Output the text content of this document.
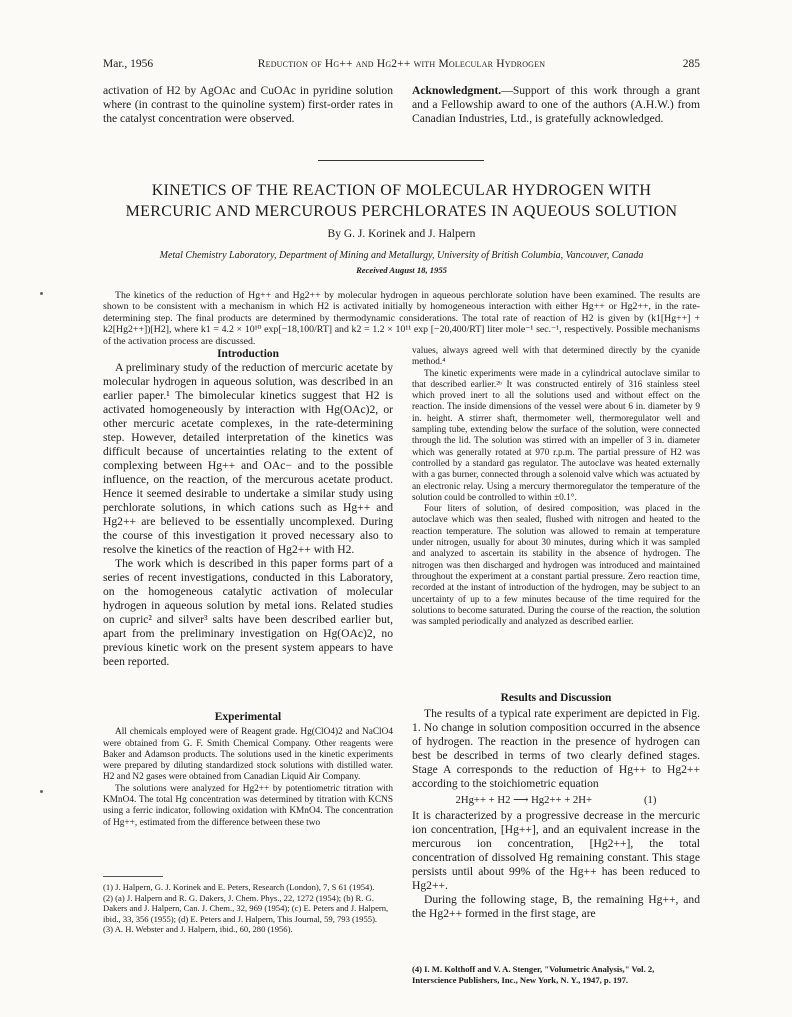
Mar., 1956	Reduction of Hg++ and Hg2++ with Molecular Hydrogen	285

activation of H2 by AgOAc and CuOAc in pyridine solution where (in contrast to the quinoline system) first-order rates in the catalyst concentration were observed.

Acknowledgment.—Support of this work through a grant and a Fellowship award to one of the authors (A.H.W.) from Canadian Industries, Ltd., is gratefully acknowledged.

KINETICS OF THE REACTION OF MOLECULAR HYDROGEN WITH
MERCURIC AND MERCUROUS PERCHLORATES IN AQUEOUS SOLUTION
By G. J. Korinek and J. Halpern
Metal Chemistry Laboratory, Department of Mining and Metallurgy, University of British Columbia, Vancouver, Canada
Received August 18, 1955

The kinetics of the reduction of Hg++ and Hg2++ by molecular hydrogen in aqueous perchlorate solution have been examined. The results are shown to be consistent with a mechanism in which H2 is activated initially by homogeneous interaction with either Hg++ or Hg2++, in the rate-determining step. The final products are determined by thermodynamic considerations. The total rate of reaction of H2 is given by (k1[Hg++] + k2[Hg2++])[H2], where k1 = 4.2 × 10¹⁰ exp[−18,100/RT] and k2 = 1.2 × 10¹¹ exp [−20,400/RT] liter mole⁻¹ sec.⁻¹, respectively. Possible mechanisms of the activation process are discussed.

Introduction

A preliminary study of the reduction of mercuric acetate by molecular hydrogen in aqueous solution, was described in an earlier paper.¹ The bimolecular kinetics suggest that H2 is activated homogeneously by interaction with Hg(OAc)2, or other mercuric acetate complexes, in the rate-determining step. However, detailed interpretation of the kinetics was difficult because of uncertainties relating to the extent of complexing between Hg++ and OAc− and to the possible influence, on the reaction, of the mercurous acetate product. Hence it seemed desirable to undertake a similar study using perchlorate solutions, in which cations such as Hg++ and Hg2++ are believed to be essentially uncomplexed. During the course of this investigation it proved necessary also to resolve the kinetics of the reaction of Hg2++ with H2.

The work which is described in this paper forms part of a series of recent investigations, conducted in this Laboratory, on the homogeneous catalytic activation of molecular hydrogen in aqueous solution by metal ions. Related studies on cupric² and silver³ salts have been described earlier but, apart from the preliminary investigation on Hg(OAc)2, no previous kinetic work on the present system appears to have been reported.

Experimental

All chemicals employed were of Reagent grade. Hg(ClO4)2 and NaClO4 were obtained from G. F. Smith Chemical Company. Other reagents were Baker and Adamson products. The solutions used in the kinetic experiments were prepared by diluting standardized stock solutions with distilled water. H2 and N2 gases were obtained from Canadian Liquid Air Company.

The solutions were analyzed for Hg2++ by potentiometric titration with KMnO4. The total Hg concentration was determined by titration with KCNS using a ferric indicator, following oxidation with KMnO4. The concentration of Hg++, estimated from the difference between these two

(1) J. Halpern, G. J. Korinek and E. Peters, Research (London), 7, S 61 (1954).

(2) (a) J. Halpern and R. G. Dakers, J. Chem. Phys., 22, 1272 (1954); (b) R. G. Dakers and J. Halpern, Can. J. Chem., 32, 969 (1954); (c) E. Peters and J. Halpern, ibid., 33, 356 (1955); (d) E. Peters and J. Halpern, This Journal, 59, 793 (1955).

(3) A. H. Webster and J. Halpern, ibid., 60, 280 (1956).

values, always agreed well with that determined directly by the cyanide method.⁴

The kinetic experiments were made in a cylindrical autoclave similar to that described earlier.²ᵇ It was constructed entirely of 316 stainless steel which proved inert to all the solutions used and without effect on the reaction. The inside dimensions of the vessel were about 6 in. diameter by 9 in. height. A stirrer shaft, thermometer well, thermoregulator well and sampling tube, extending below the surface of the solution, were connected through the lid. The solution was stirred with an impeller of 3 in. diameter which was generally rotated at 970 r.p.m. The partial pressure of H2 was controlled by a standard gas regulator. The autoclave was heated externally with a gas burner, connected through a solenoid valve which was actuated by an electronic relay. Using a mercury thermoregulator the temperature of the solution could be controlled to within ±0.1°.

Four liters of solution, of desired composition, was placed in the autoclave which was then sealed, flushed with nitrogen and heated to the reaction temperature. The solution was allowed to remain at temperature under nitrogen, usually for about 30 minutes, during which it was sampled and analyzed to ascertain its stability in the absence of hydrogen. The nitrogen was then discharged and hydrogen was introduced and maintained throughout the experiment at a constant partial pressure. Zero reaction time, recorded at the instant of introduction of the hydrogen, may be subject to an uncertainty of up to a few minutes because of the time required for the solutions to become saturated. During the course of the reaction, the solution was sampled periodically and analyzed as described earlier.

Results and Discussion

The results of a typical rate experiment are depicted in Fig. 1. No change in solution composition occurred in the absence of hydrogen. The reaction in the presence of hydrogen can best be described in terms of two clearly defined stages. Stage A corresponds to the reduction of Hg++ to Hg2++ according to the stoichiometric equation

2Hg++ + H2 ⟶ Hg2++ + 2H+	(1)

It is characterized by a progressive decrease in the mercuric ion concentration, [Hg++], and an equivalent increase in the mercurous ion concentration, [Hg2++], the total concentration of dissolved Hg remaining constant. This stage persists until about 99% of the Hg++ has been reduced to Hg2++.

During the following stage, B, the remaining Hg++, and the Hg2++ formed in the first stage, are

(4) I. M. Kolthoff and V. A. Stenger, "Volumetric Analysis," Vol. 2, Interscience Publishers, Inc., New York, N. Y., 1947, p. 197.
